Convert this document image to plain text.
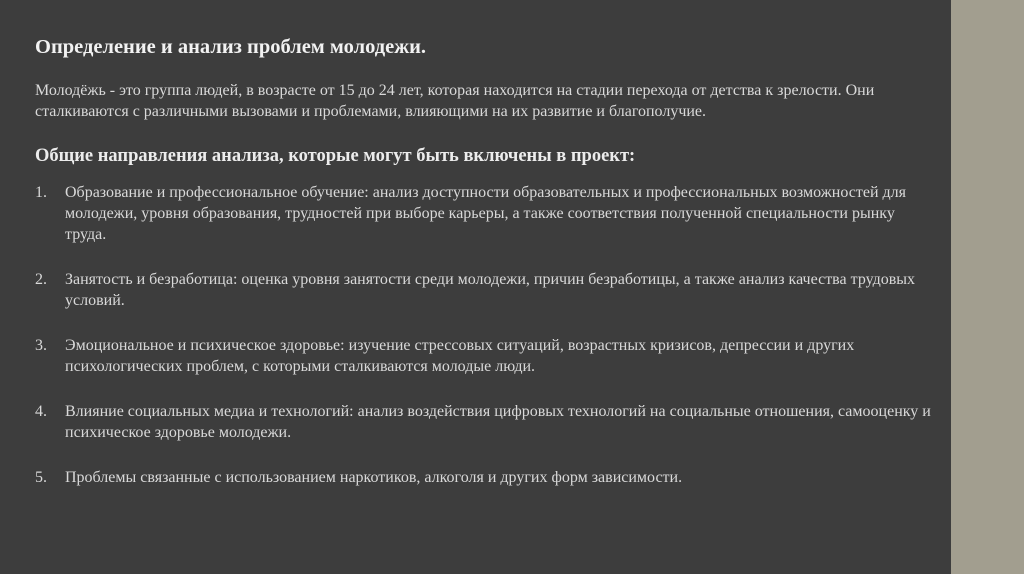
Определение и анализ проблем молодежи.

Молодёжь - это группа людей, в возрасте от 15 до 24 лет, которая находится на стадии перехода от детства к зрелости. Они сталкиваются с различными вызовами и проблемами, влияющими на их развитие и благополучие.

Общие направления анализа, которые могут быть включены в проект:
1.	Образование и профессиональное обучение: анализ доступности образовательных и профессиональных возможностей для молодежи, уровня образования, трудностей при выборе карьеры, а также соответствия полученной специальности рынку труда.
2.	Занятость и безработица: оценка уровня занятости среди молодежи, причин безработицы, а также анализ качества трудовых условий.
3.	Эмоциональное и психическое здоровье: изучение стрессовых ситуаций, возрастных кризисов, депрессии и других психологических проблем, с которыми сталкиваются молодые люди.
4.	Влияние социальных медиа и технологий: анализ воздействия цифровых технологий на социальные отношения, самооценку и психическое здоровье молодежи.
5.	Проблемы связанные с использованием наркотиков, алкоголя и других форм зависимости.
